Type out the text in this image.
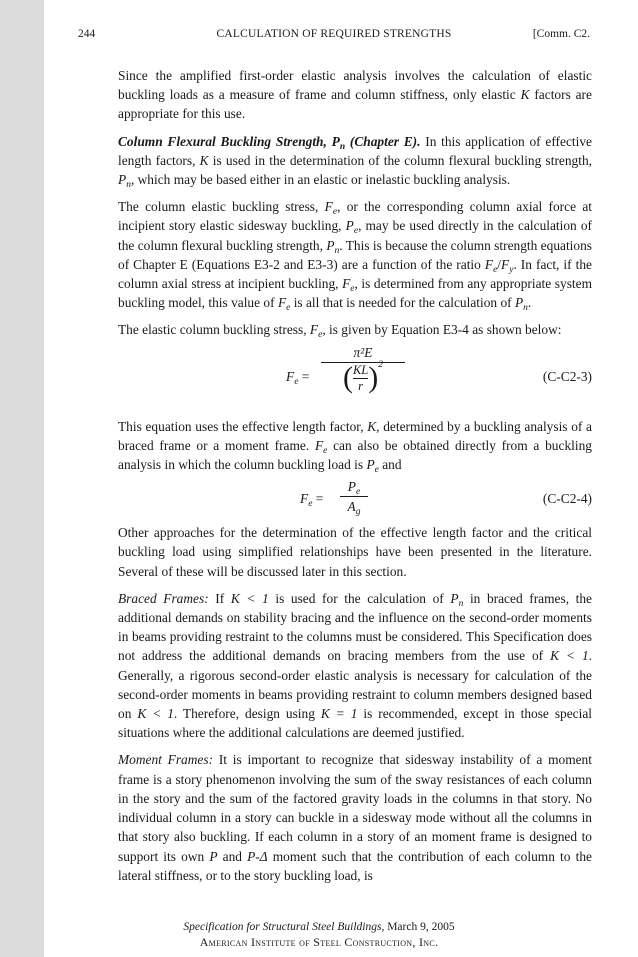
244	CALCULATION OF REQUIRED STRENGTHS	[Comm. C2.

Since the amplified first-order elastic analysis involves the calculation of elastic buckling loads as a measure of frame and column stiffness, only elastic K factors are appropriate for this use.

Column Flexural Buckling Strength, $P_n$ (Chapter E). In this application of effective length factors, K is used in the determination of the column flexural buckling strength, $P_n$, which may be based either in an elastic or inelastic buckling analysis.

The column elastic buckling stress, $F_e$, or the corresponding column axial force at incipient story elastic sidesway buckling, $P_e$, may be used directly in the calculation of the column flexural buckling strength, $P_n$. This is because the column strength equations of Chapter E (Equations E3-2 and E3-3) are a function of the ratio $F_e/F_y$. In fact, if the column axial stress at incipient buckling, $F_e$, is determined from any appropriate system buckling model, this value of $F_e$ is all that is needed for the calculation of $P_n$.

The elastic column buckling stress, $F_e$, is given by Equation E3-4 as shown below:

$F_e$ =
π²E
( $\frac{KL}{r}$ ) 2
(C-C2-3)

This equation uses the effective length factor, K, determined by a buckling analysis of a braced frame or a moment frame. $F_e$ can also be obtained directly from a buckling analysis in which the column buckling load is $P_e$ and

$F_e$ =
$P_e$
$A_g$
(C-C2-4)

Other approaches for the determination of the effective length factor and the critical buckling load using simplified relationships have been presented in the literature. Several of these will be discussed later in this section.

Braced Frames: If K < 1 is used for the calculation of $P_n$ in braced frames, the additional demands on stability bracing and the influence on the second-order moments in beams providing restraint to the columns must be considered. This Specification does not address the additional demands on bracing members from the use of K < 1. Generally, a rigorous second-order elastic analysis is necessary for calculation of the second-order moments in beams providing restraint to column members designed based on K < 1. Therefore, design using K = 1 is recommended, except in those special situations where the additional calculations are deemed justified.

Moment Frames: It is important to recognize that sidesway instability of a moment frame is a story phenomenon involving the sum of the sway resistances of each column in the story and the sum of the factored gravity loads in the columns in that story. No individual column in a story can buckle in a sidesway mode without all the columns in that story also buckling. If each column in a story of an moment frame is designed to support its own P and P-Δ moment such that the contribution of each column to the lateral stiffness, or to the story buckling load, is

Specification for Structural Steel Buildings, March 9, 2005
American Institute of Steel Construction, Inc.
